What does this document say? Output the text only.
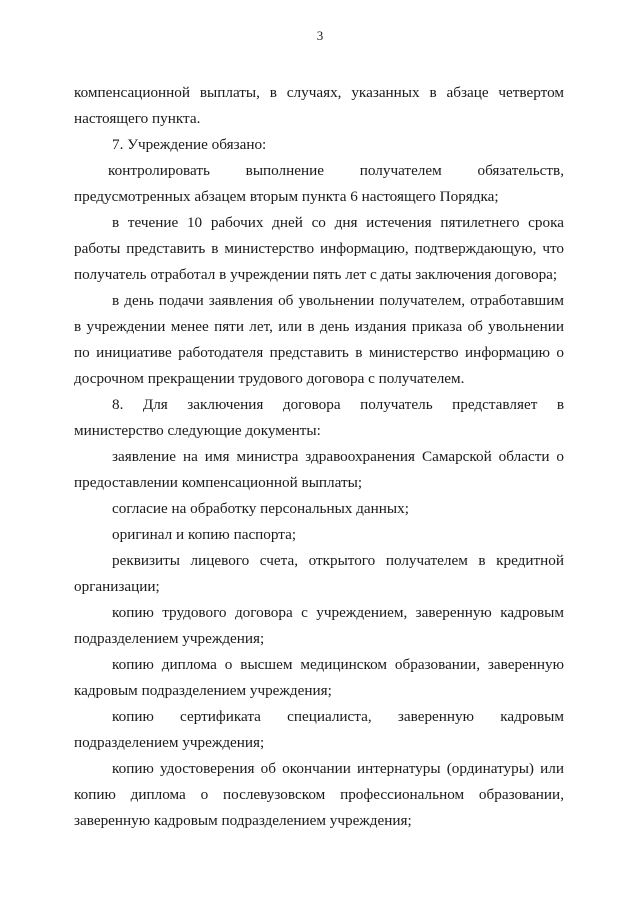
3
компенсационной выплаты, в случаях, указанных в абзаце четвертом
настоящего пункта.
7. Учреждение обязано:
контролировать выполнение получателем обязательств,
предусмотренных абзацем вторым пункта 6 настоящего Порядка;
в течение 10 рабочих дней со дня истечения пятилетнего срока
работы представить в министерство информацию, подтверждающую, что
получатель отработал в учреждении пять лет с даты заключения договора;
в день подачи заявления об увольнении получателем, отработавшим
в учреждении менее пяти лет, или в день издания приказа об увольнении
по инициативе работодателя представить в министерство информацию о
досрочном прекращении трудового договора с получателем.
8. Для заключения договора получатель представляет в
министерство следующие документы:
заявление на имя министра здравоохранения Самарской области о
предоставлении компенсационной выплаты;
согласие на обработку персональных данных;
оригинал и копию паспорта;
реквизиты лицевого счета, открытого получателем в кредитной
организации;
копию трудового договора с учреждением, заверенную кадровым
подразделением учреждения;
копию диплома о высшем медицинском образовании, заверенную
кадровым подразделением учреждения;
копию сертификата специалиста, заверенную кадровым
подразделением учреждения;
копию удостоверения об окончании интернатуры (ординатуры) или
копию диплома о послевузовском профессиональном образовании,
заверенную кадровым подразделением учреждения;
